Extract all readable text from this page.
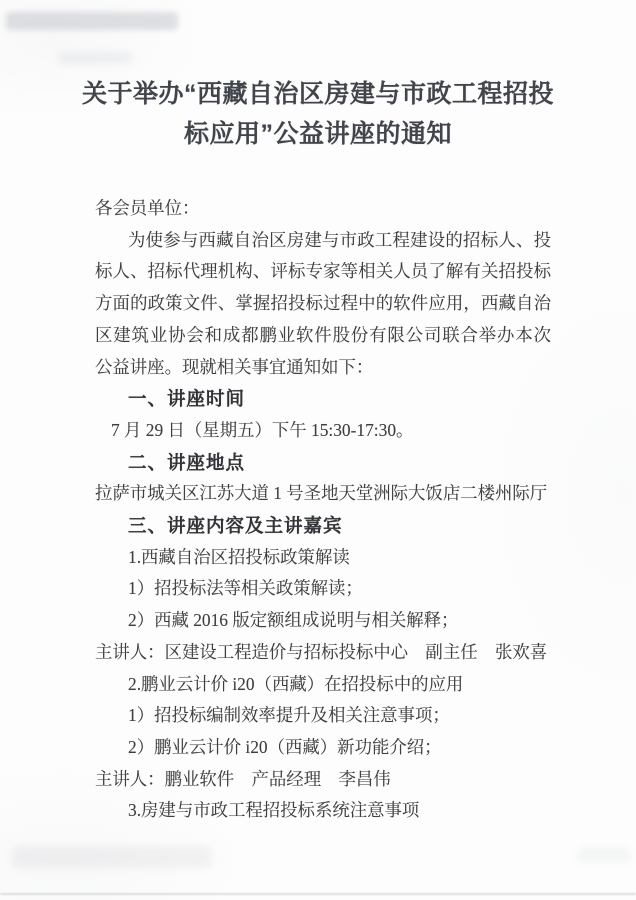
关于举办“西藏自治区房建与市政工程招投
标应用”公益讲座的通知
各会员单位：
为使参与西藏自治区房建与市政工程建设的招标人、投
标人、招标代理机构、评标专家等相关人员了解有关招投标
方面的政策文件、掌握招投标过程中的软件应用，西藏自治
区建筑业协会和成都鹏业软件股份有限公司联合举办本次
公益讲座。现就相关事宜通知如下：
一、讲座时间
7 月 29 日（星期五）下午 15:30-17:30。
二、讲座地点
拉萨市城关区江苏大道 1 号圣地天堂洲际大饭店二楼州际厅
三、讲座内容及主讲嘉宾
1.西藏自治区招投标政策解读
1）招投标法等相关政策解读；
2）西藏 2016 版定额组成说明与相关解释；
主讲人：区建设工程造价与招标投标中心　副主任　张欢喜
2.鹏业云计价 i20（西藏）在招投标中的应用
1）招投标编制效率提升及相关注意事项；
2）鹏业云计价 i20（西藏）新功能介绍；
主讲人：鹏业软件　产品经理　李昌伟
3.房建与市政工程招投标系统注意事项
